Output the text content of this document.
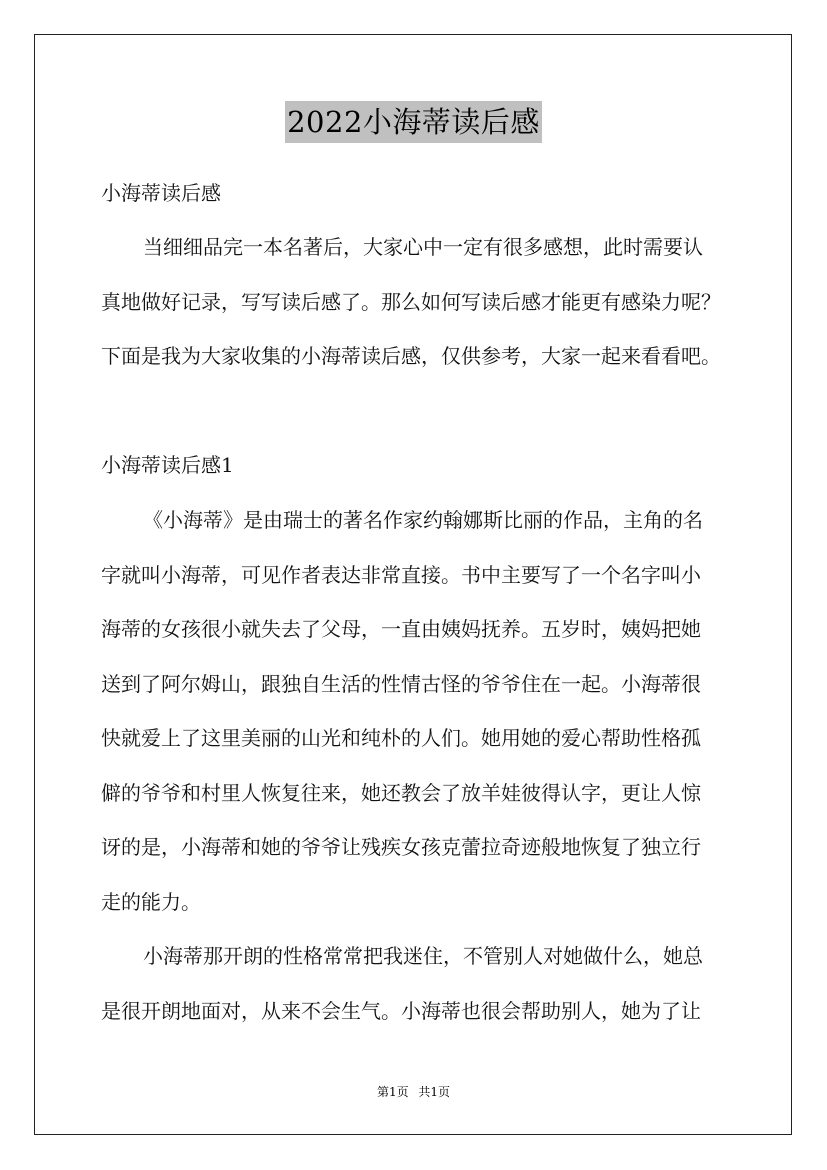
2022小海蒂读后感

小海蒂读后感

当细细品完一本名著后，大家心中一定有很多感想，此时需要认

真地做好记录，写写读后感了。那么如何写读后感才能更有感染力呢？

下面是我为大家收集的小海蒂读后感，仅供参考，大家一起来看看吧。

小海蒂读后感1

《小海蒂》是由瑞士的著名作家约翰娜斯比丽的作品，主角的名

字就叫小海蒂，可见作者表达非常直接。书中主要写了一个名字叫小

海蒂的女孩很小就失去了父母，一直由姨妈抚养。五岁时，姨妈把她

送到了阿尔姆山，跟独自生活的性情古怪的爷爷住在一起。小海蒂很

快就爱上了这里美丽的山光和纯朴的人们。她用她的爱心帮助性格孤

僻的爷爷和村里人恢复往来，她还教会了放羊娃彼得认字，更让人惊

讶的是，小海蒂和她的爷爷让残疾女孩克蕾拉奇迹般地恢复了独立行

走的能力。

小海蒂那开朗的性格常常把我迷住，不管别人对她做什么，她总

是很开朗地面对，从来不会生气。小海蒂也很会帮助别人，她为了让

第1页 共1页
